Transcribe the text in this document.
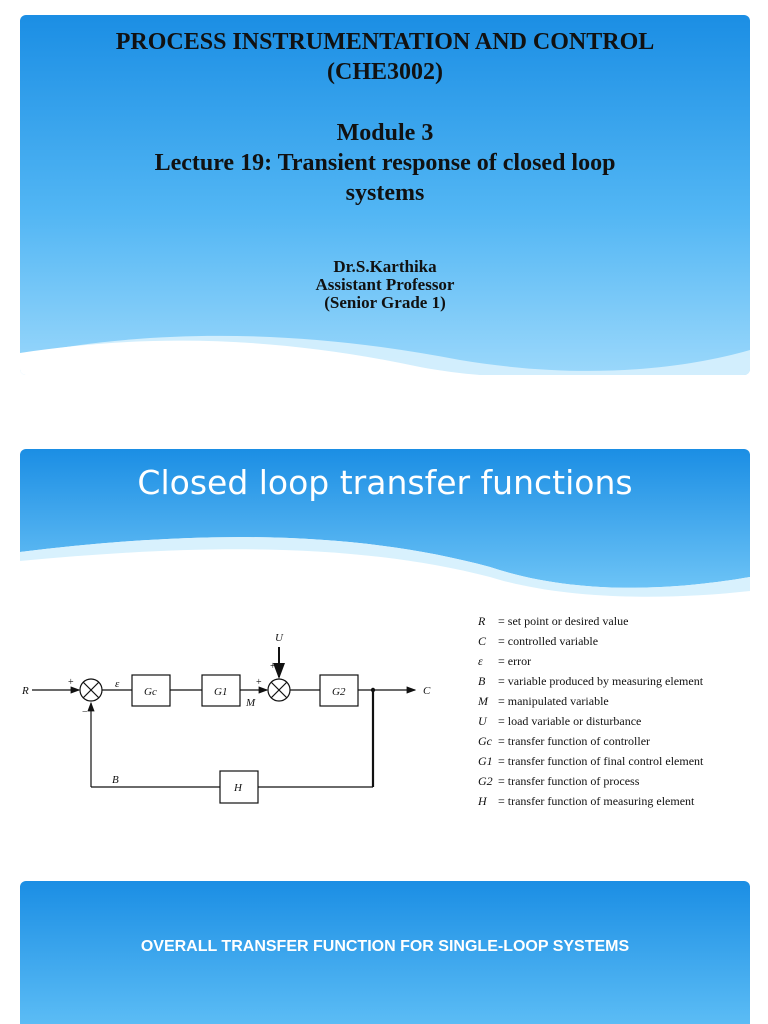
PROCESS INSTRUMENTATION AND CONTROL
(CHE3002)
Module 3
Lecture 19: Transient response of closed loop
systems
Dr.S.Karthika
Assistant Professor
(Senior Grade 1)
Closed loop transfer functions
R	C
U
ε
B
M
Gc	G1	G2
H
+
−
+
+
R = set point or desired value
C = controlled variable
ε = error
B = variable produced by measuring element
M = manipulated variable
U = load variable or disturbance
Gc = transfer function of controller
G1 = transfer function of final control element
G2 = transfer function of process
H = transfer function of measuring element
OVERALL TRANSFER FUNCTION FOR SINGLE-LOOP SYSTEMS
